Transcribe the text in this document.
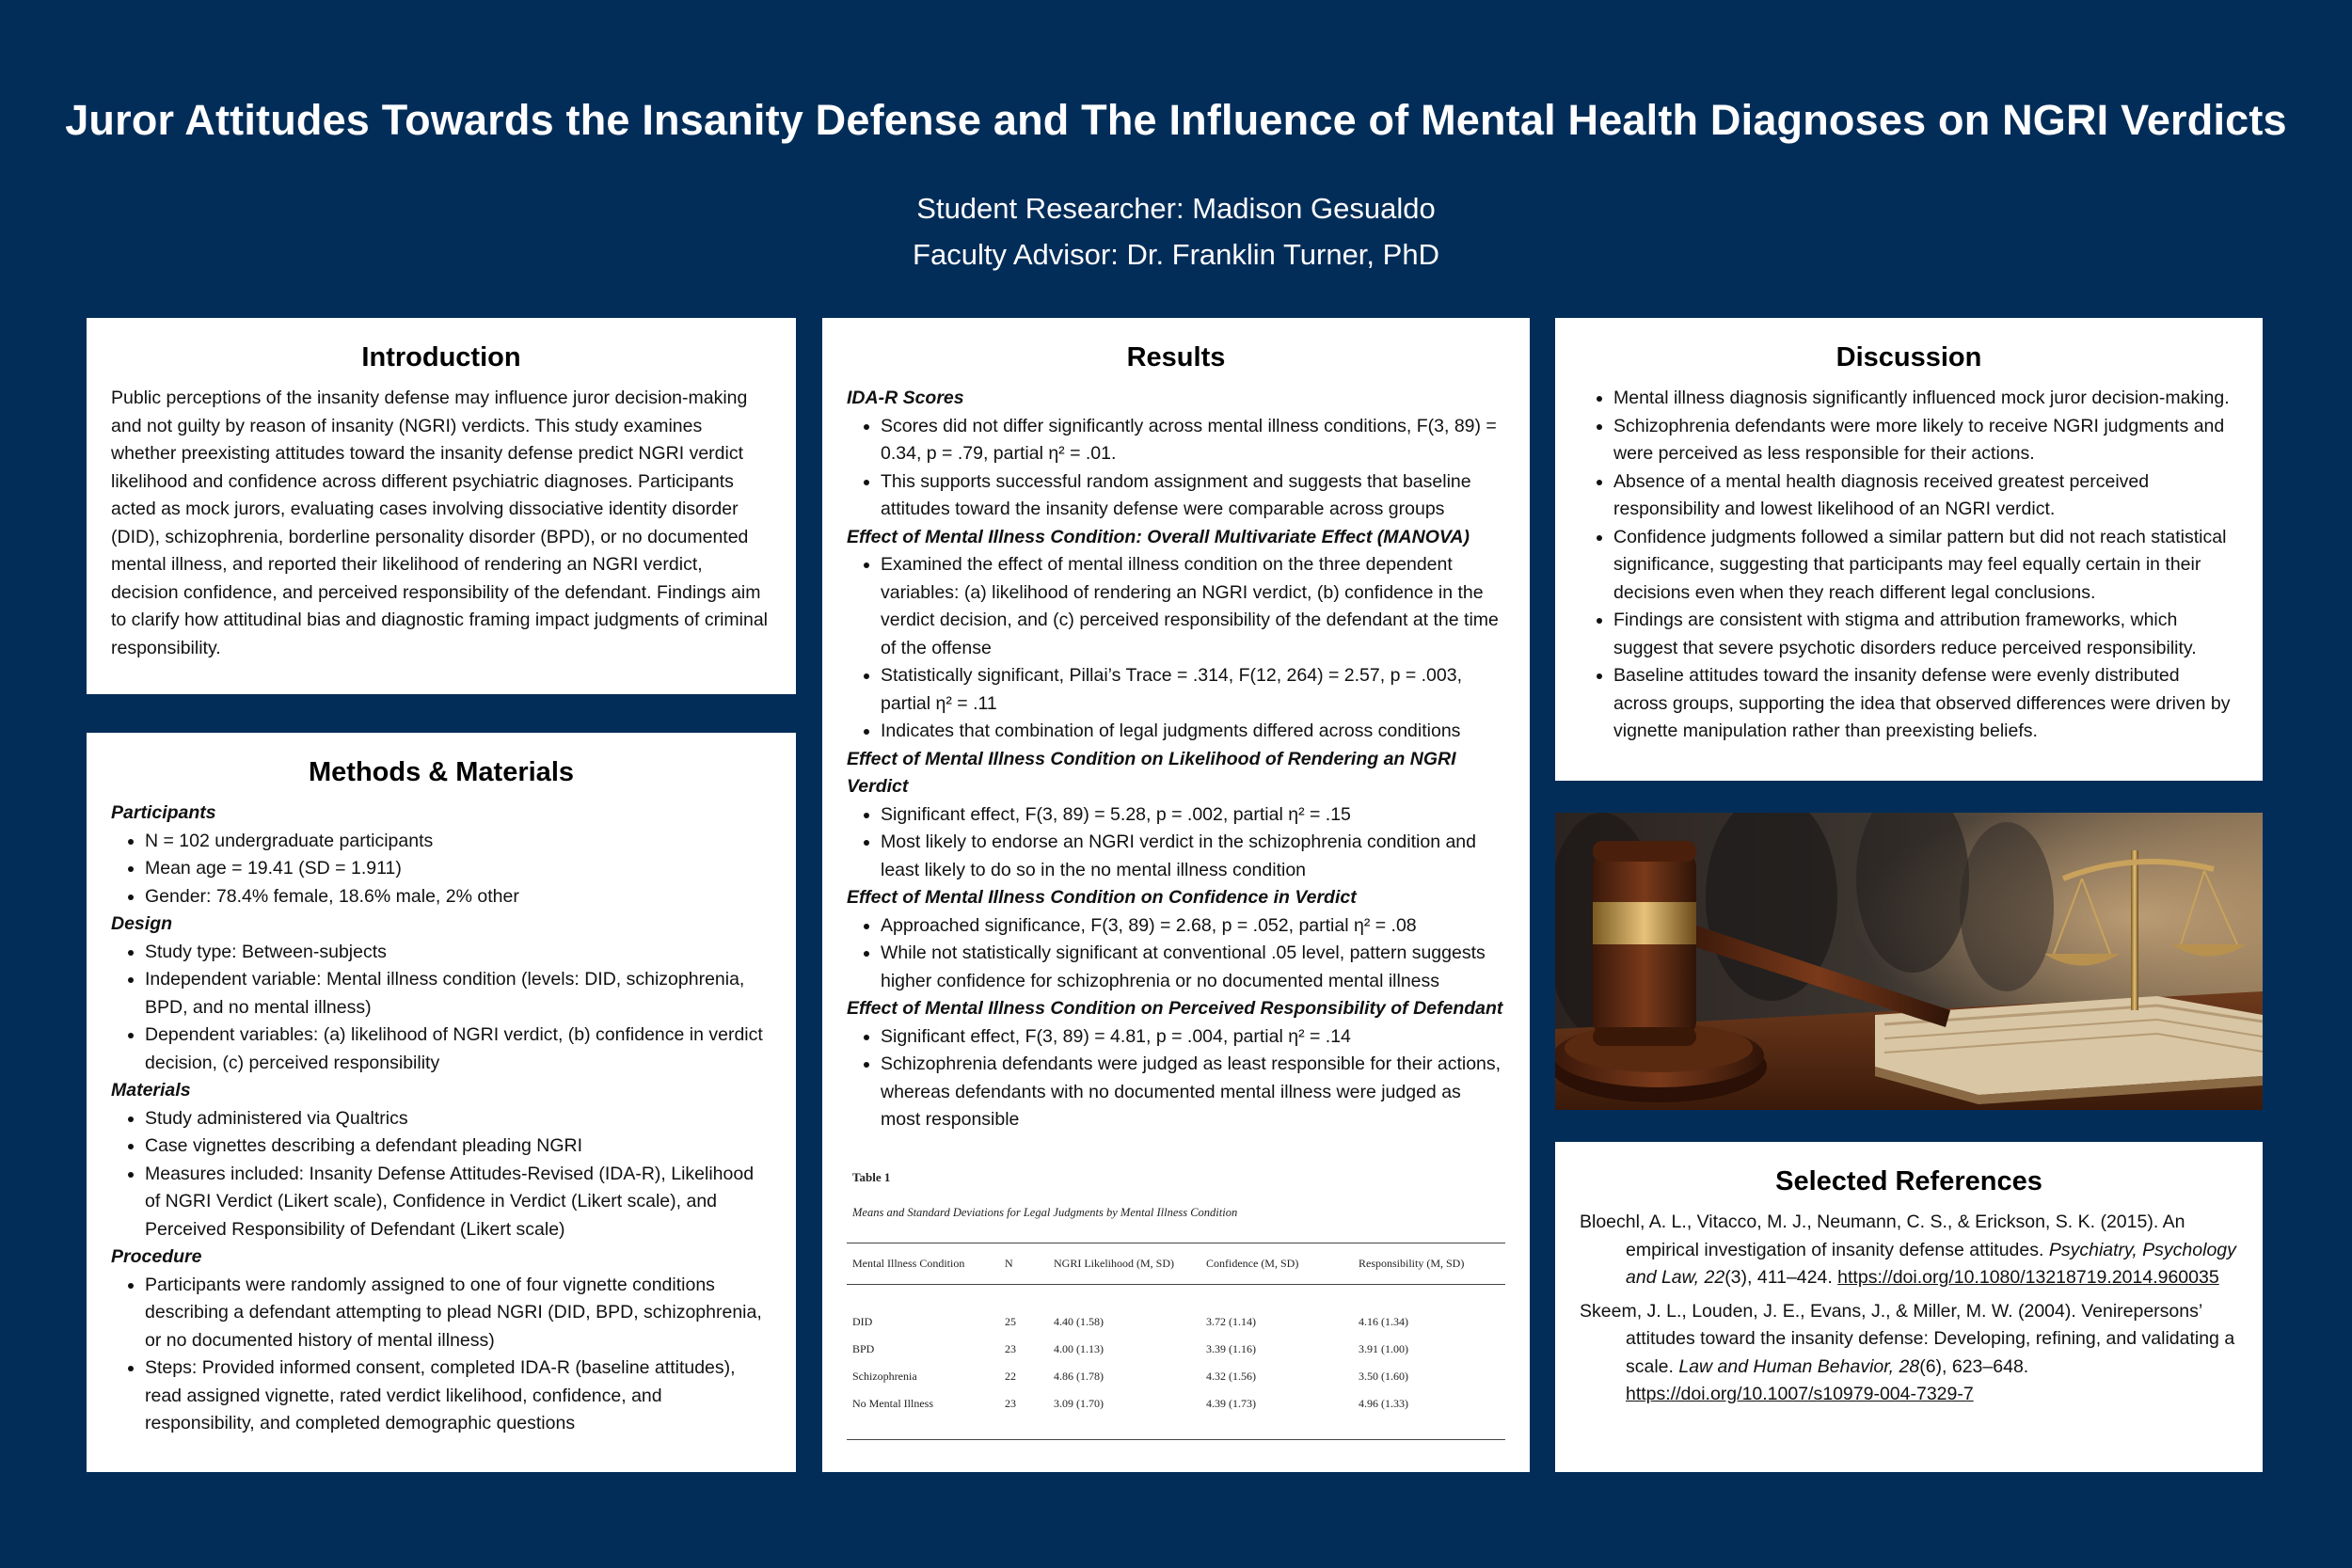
Juror Attitudes Towards the Insanity Defense and The Influence of Mental Health Diagnoses on NGRI Verdicts
Student Researcher: Madison Gesualdo
Faculty Advisor: Dr. Franklin Turner, PhD
Introduction
Public perceptions of the insanity defense may influence juror decision-making and not guilty by reason of insanity (NGRI) verdicts. This study examines whether preexisting attitudes toward the insanity defense predict NGRI verdict likelihood and confidence across different psychiatric diagnoses. Participants acted as mock jurors, evaluating cases involving dissociative identity disorder (DID), schizophrenia, borderline personality disorder (BPD), or no documented mental illness, and reported their likelihood of rendering an NGRI verdict, decision confidence, and perceived responsibility of the defendant. Findings aim to clarify how attitudinal bias and diagnostic framing impact judgments of criminal responsibility.
Methods & Materials
Participants
• N = 102 undergraduate participants
• Mean age = 19.41 (SD = 1.911)
• Gender: 78.4% female, 18.6% male, 2% other
Design
• Study type: Between-subjects
• Independent variable: Mental illness condition (levels: DID, schizophrenia, BPD, and no mental illness)
• Dependent variables: (a) likelihood of NGRI verdict, (b) confidence in verdict decision, (c) perceived responsibility
Materials
• Study administered via Qualtrics
• Case vignettes describing a defendant pleading NGRI
• Measures included: Insanity Defense Attitudes-Revised (IDA-R), Likelihood of NGRI Verdict (Likert scale), Confidence in Verdict (Likert scale), and Perceived Responsibility of Defendant (Likert scale)
Procedure
• Participants were randomly assigned to one of four vignette conditions describing a defendant attempting to plead NGRI (DID, BPD, schizophrenia, or no documented history of mental illness)
• Steps: Provided informed consent, completed IDA-R (baseline attitudes), read assigned vignette, rated verdict likelihood, confidence, and responsibility, and completed demographic questions
Results
IDA-R Scores
• Scores did not differ significantly across mental illness conditions, F(3, 89) = 0.34, p = .79, partial η² = .01.
• This supports successful random assignment and suggests that baseline attitudes toward the insanity defense were comparable across groups
Effect of Mental Illness Condition: Overall Multivariate Effect (MANOVA)
• Examined the effect of mental illness condition on the three dependent variables: (a) likelihood of rendering an NGRI verdict, (b) confidence in the verdict decision, and (c) perceived responsibility of the defendant at the time of the offense
• Statistically significant, Pillai’s Trace = .314, F(12, 264) = 2.57, p = .003, partial η² = .11
• Indicates that combination of legal judgments differed across conditions
Effect of Mental Illness Condition on Likelihood of Rendering an NGRI Verdict
• Significant effect, F(3, 89) = 5.28, p = .002, partial η² = .15
• Most likely to endorse an NGRI verdict in the schizophrenia condition and least likely to do so in the no mental illness condition
Effect of Mental Illness Condition on Confidence in Verdict
• Approached significance, F(3, 89) = 2.68, p = .052, partial η² = .08
• While not statistically significant at conventional .05 level, pattern suggests higher confidence for schizophrenia or no documented mental illness
Effect of Mental Illness Condition on Perceived Responsibility of Defendant
• Significant effect, F(3, 89) = 4.81, p = .004, partial η² = .14
• Schizophrenia defendants were judged as least responsible for their actions, whereas defendants with no documented mental illness were judged as most responsible
Table 1
Means and Standard Deviations for Legal Judgments by Mental Illness Condition
Mental Illness Condition	N	NGRI Likelihood (M, SD)	Confidence (M, SD)	Responsibility (M, SD)
DID	25	4.40 (1.58)	3.72 (1.14)	4.16 (1.34)
BPD	23	4.00 (1.13)	3.39 (1.16)	3.91 (1.00)
Schizophrenia	22	4.86 (1.78)	4.32 (1.56)	3.50 (1.60)
No Mental Illness	23	3.09 (1.70)	4.39 (1.73)	4.96 (1.33)
Discussion
• Mental illness diagnosis significantly influenced mock juror decision-making.
• Schizophrenia defendants were more likely to receive NGRI judgments and were perceived as less responsible for their actions.
• Absence of a mental health diagnosis received greatest perceived responsibility and lowest likelihood of an NGRI verdict.
• Confidence judgments followed a similar pattern but did not reach statistical significance, suggesting that participants may feel equally certain in their decisions even when they reach different legal conclusions.
• Findings are consistent with stigma and attribution frameworks, which suggest that severe psychotic disorders reduce perceived responsibility.
• Baseline attitudes toward the insanity defense were evenly distributed across groups, supporting the idea that observed differences were driven by vignette manipulation rather than preexisting beliefs.
Selected References

Bloechl, A. L., Vitacco, M. J., Neumann, C. S., & Erickson, S. K. (2015). An empirical investigation of insanity defense attitudes. Psychiatry, Psychology and Law, 22(3), 411–424. https://doi.org/10.1080/13218719.2014.960035

Skeem, J. L., Louden, J. E., Evans, J., & Miller, M. W. (2004). Venirepersons’ attitudes toward the insanity defense: Developing, refining, and validating a scale. Law and Human Behavior, 28(6), 623–648. https://doi.org/10.1007/s10979-004-7329-7
